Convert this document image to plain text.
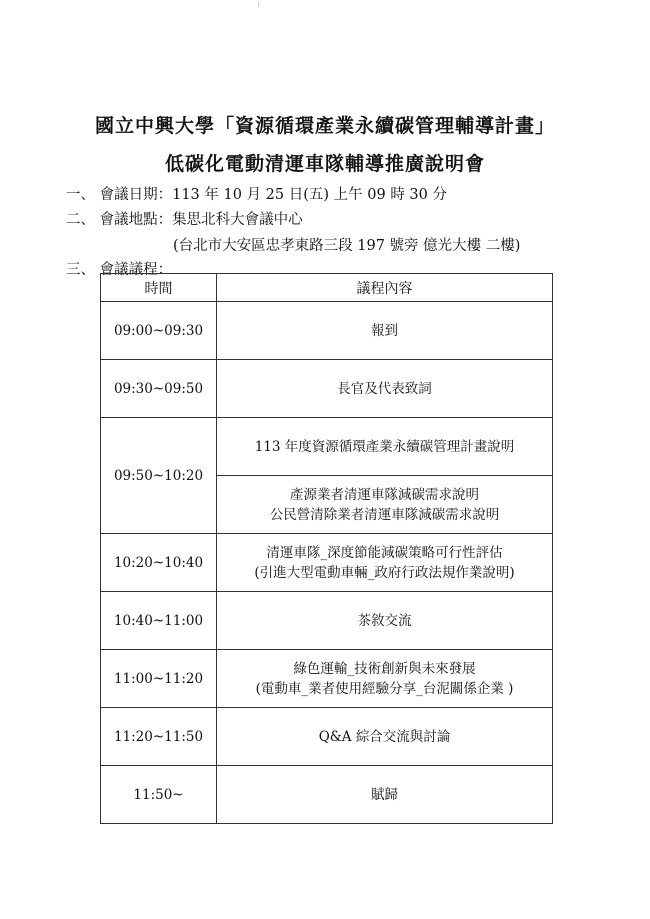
國立中興大學「資源循環產業永續碳管理輔導計畫」
低碳化電動清運車隊輔導推廣說明會
一、 會議日期：113 年 10 月 25 日(五) 上午 09 時 30 分
二、 會議地點：集思北科大會議中心
(台北市大安區忠孝東路三段 197 號旁 億光大樓 二樓)
三、 會議議程：
時間	議程內容
09:00~09:30	報到

09:30~09:50	長官及代表致詞

09:50~10:20	113 年度資源循環產業永續碳管理計畫說明
產源業者清運車隊減碳需求說明
公民營清除業者清運車隊減碳需求說明

10:20~10:40	清運車隊_深度節能減碳策略可行性評估
(引進大型電動車輛_政府行政法規作業說明)

10:40~11:00	茶敘交流

11:00~11:20	綠色運輸_技術創新與未來發展
(電動車_業者使用經驗分享_台泥關係企業 )

11:20~11:50	Q&A 綜合交流與討論

11:50~	賦歸
